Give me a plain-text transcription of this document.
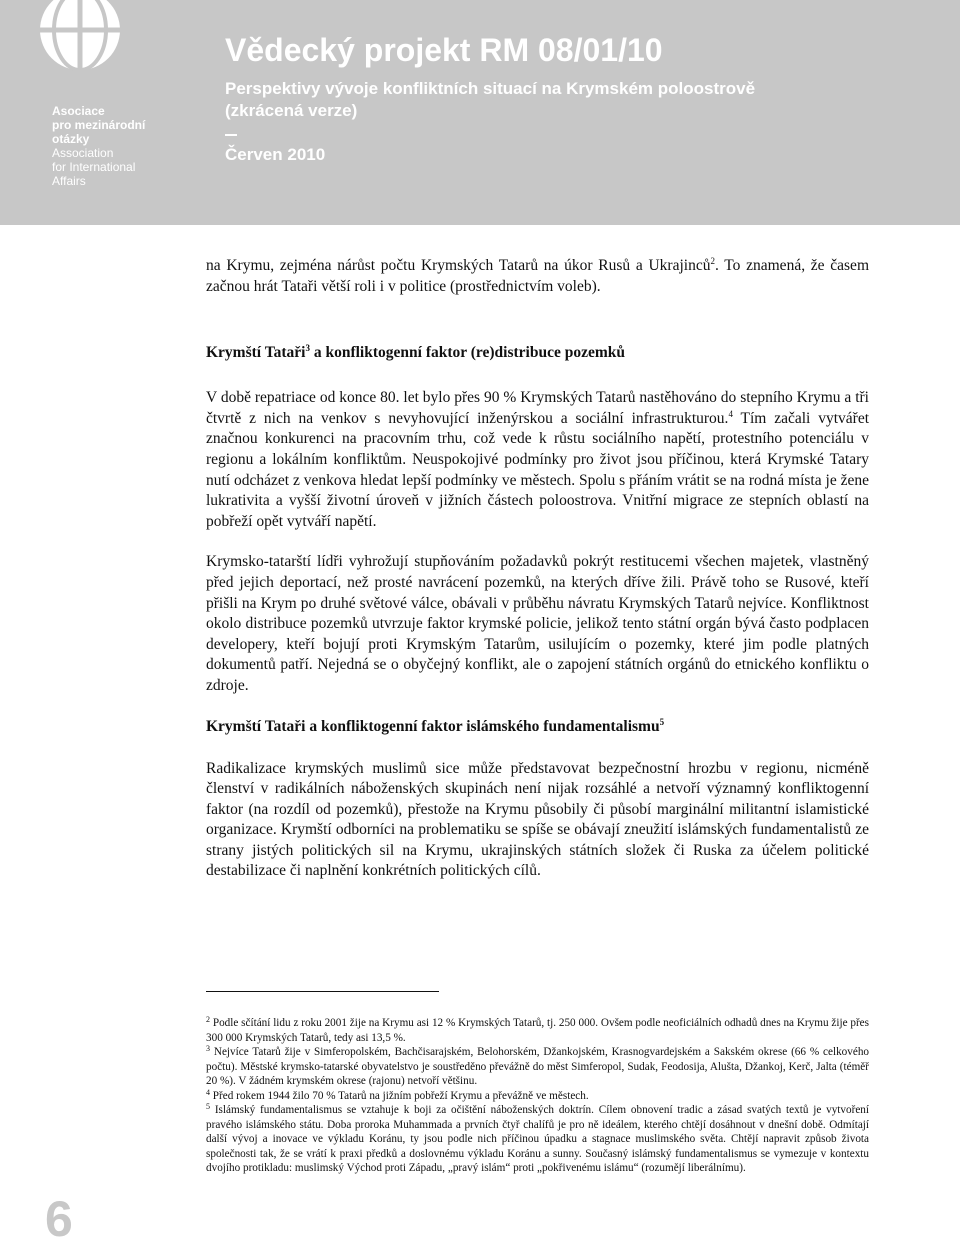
Asociace
pro mezinárodní
otázky
Association
for International
Affairs
Vědecký projekt RM 08/01/10
Perspektivy vývoje konfliktních situací na Krymském poloostrově
(zkrácená verze)
Červen 2010

na Krymu, zejména nárůst počtu Krymských Tatarů na úkor Rusů a Ukrajinců$^2$. To znamená, že časem začnou hrát Tataři větší roli i v politice (prostřednictvím voleb).

Krymští Tataři$^3$ a konfliktogenní faktor (re)distribuce pozemků

V době repatriace od konce 80. let bylo přes 90 % Krymských Tatarů nastěhováno do stepního Krymu a tři čtvrtě z nich na venkov s nevyhovující inženýrskou a sociální infrastrukturou.$^4$ Tím začali vytvářet značnou konkurenci na pracovním trhu, což vede k růstu sociálního napětí, protestního potenciálu v regionu a lokálním konfliktům. Neuspokojivé podmínky pro život jsou příčinou, která Krymské Tatary nutí odcházet z venkova hledat lepší podmínky ve městech. Spolu s přáním vrátit se na rodná místa je žene lukrativita a vyšší životní úroveň v jižních částech poloostrova. Vnitřní migrace ze stepních oblastí na pobřeží opět vytváří napětí.

Krymsko-tatarští lídři vyhrožují stupňováním požadavků pokrýt restitucemi všechen majetek, vlastněný před jejich deportací, než prosté navrácení pozemků, na kterých dříve žili. Právě toho se Rusové, kteří přišli na Krym po druhé světové válce, obávali v průběhu návratu Krymských Tatarů nejvíce. Konfliktnost okolo distribuce pozemků utvrzuje faktor krymské policie, jelikož tento státní orgán bývá často podplacen developery, kteří bojují proti Krymským Tatarům, usilujícím o pozemky, které jim podle platných dokumentů patří. Nejedná se o obyčejný konflikt, ale o zapojení státních orgánů do etnického konfliktu o zdroje.

Krymští Tataři a konfliktogenní faktor islámského fundamentalismu$^5$

Radikalizace krymských muslimů sice může představovat bezpečnostní hrozbu v regionu, nicméně členství v radikálních náboženských skupinách není nijak rozsáhlé a netvoří významný konfliktogenní faktor (na rozdíl od pozemků), přestože na Krymu působily či působí marginální militantní islamistické organizace. Krymští odborníci na problematiku se spíše se obávají zneužití islámských fundamentalistů ze strany jistých politických sil na Krymu, ukrajinských státních složek či Ruska za účelem politické destabilizace či naplnění konkrétních politických cílů.

$^2$ Podle sčítání lidu z roku 2001 žije na Krymu asi 12 % Krymských Tatarů, tj. 250 000. Ovšem podle neoficiálních odhadů dnes na Krymu žije přes 300 000 Krymských Tatarů, tedy asi 13,5 %.

$^3$ Nejvíce Tatarů žije v Simferopolském, Bachčisarajském, Belohorském, Džankojském, Krasnogvardejském a Sakském okrese (66 % celkového počtu). Městské krymsko-tatarské obyvatelstvo je soustředěno převážně do měst Simferopol, Sudak, Feodosija, Alušta, Džankoj, Kerč, Jalta (téměř 20 %). V žádném krymském okrese (rajonu) netvoří většinu.

$^4$ Před rokem 1944 žilo 70 % Tatarů na jižním pobřeží Krymu a převážně ve městech.

$^5$ Islámský fundamentalismus se vztahuje k boji za očištění náboženských doktrín. Cílem obnovení tradic a zásad svatých textů je vytvoření pravého islámského státu. Doba proroka Muhammada a prvních čtyř chalífů je pro ně ideálem, kterého chtějí dosáhnout v dnešní době. Odmítají další vývoj a inovace ve výkladu Koránu, ty jsou podle nich příčinou úpadku a stagnace muslimského světa. Chtějí napravit způsob života společnosti tak, že se vrátí k praxi předků a doslovnému výkladu Koránu a sunny. Současný islámský fundamentalismus se vymezuje v kontextu dvojího protikladu: muslimský Východ proti Západu, „pravý islám“ proti „pokřivenému islámu“ (rozumějí liberálnímu).

6
